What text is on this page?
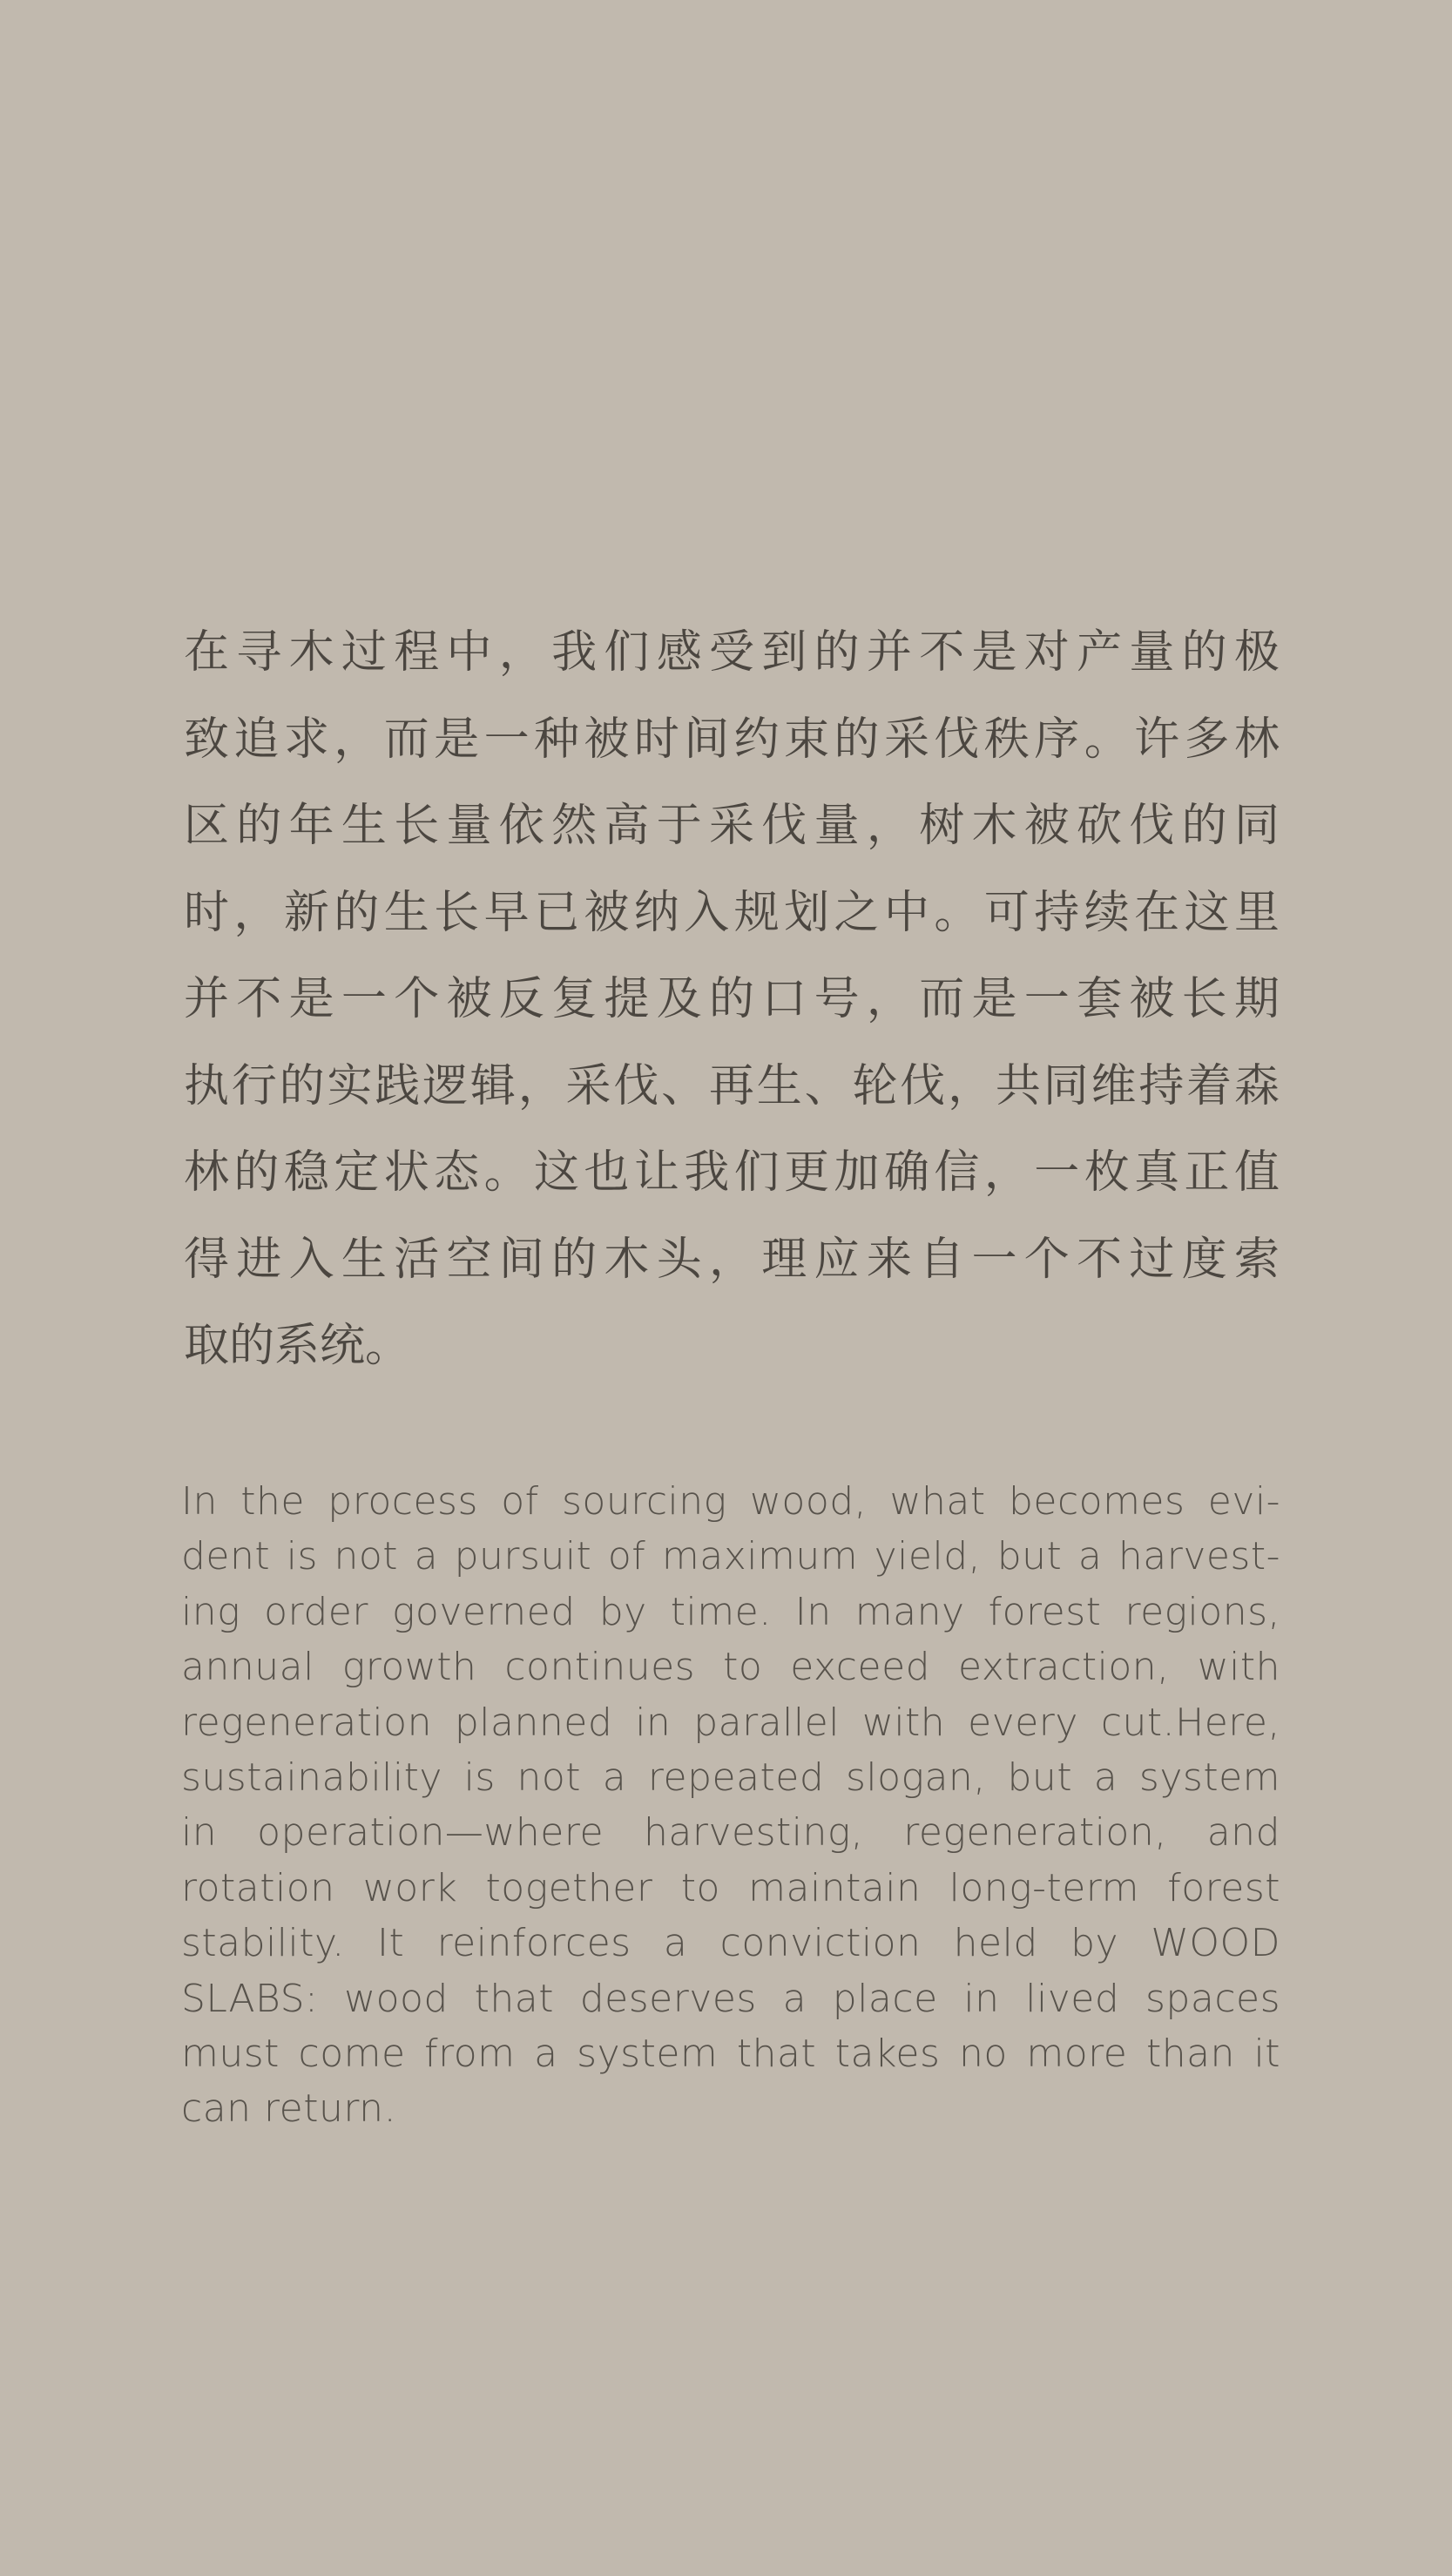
在寻木过程中，我们感受到的并不是对产量的极
致追求，而是一种被时间约束的采伐秩序。许多林
区的年生长量依然高于采伐量，树木被砍伐的同
时，新的生长早已被纳入规划之中。可持续在这里
并不是一个被反复提及的口号，而是一套被长期
执行的实践逻辑，采伐、再生、轮伐，共同维持着森
林的稳定状态。这也让我们更加确信，一枚真正值
得进入生活空间的木头，理应来自一个不过度索
取的系统。
In the process of sourcing wood, what becomes evi-
dent is not a pursuit of maximum yield, but a harvest-
ing order governed by time. In many forest regions,
annual growth continues to exceed extraction, with
regeneration planned in parallel with every cut.Here,
sustainability is not a repeated slogan, but a system
in operation—where harvesting, regeneration, and
rotation work together to maintain long-term forest
stability. It reinforces a conviction held by WOOD
SLABS: wood that deserves a place in lived spaces
must come from a system that takes no more than it
can return.
